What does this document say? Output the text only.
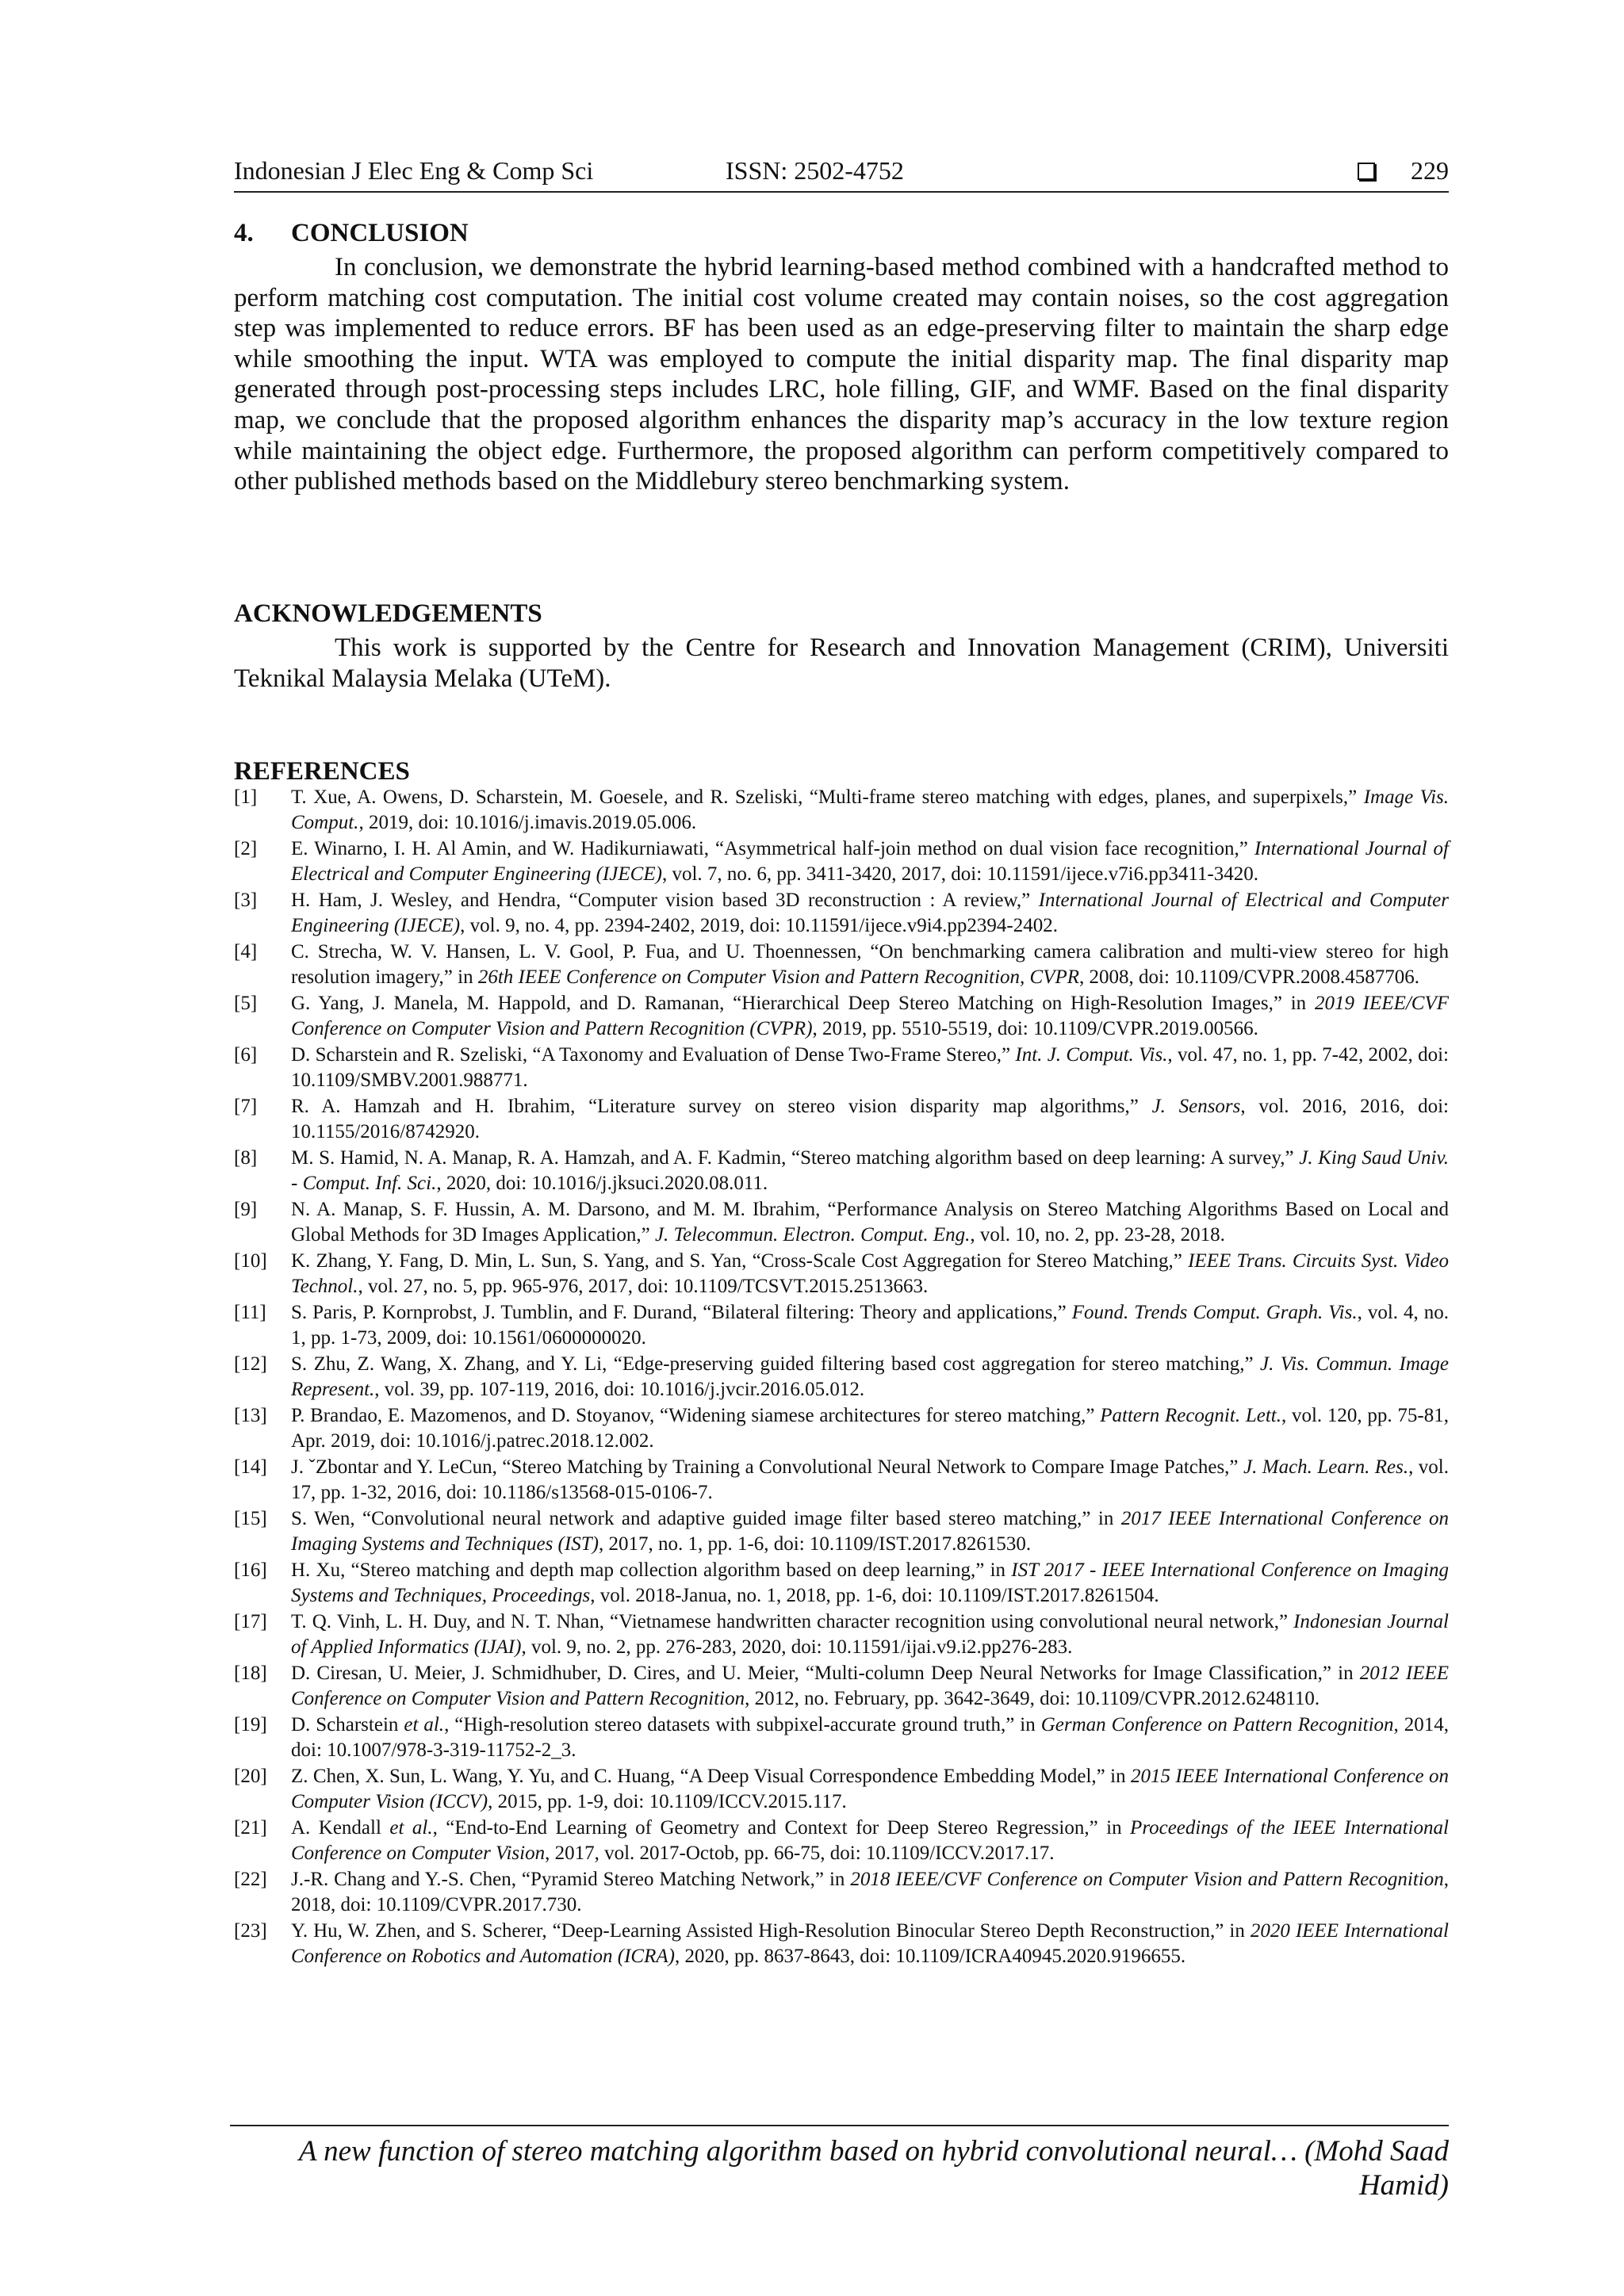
Indonesian J Elec Eng & Comp Sci	ISSN: 2502-4752	229
4. CONCLUSION
In conclusion, we demonstrate the hybrid learning-based method combined with a handcrafted method to perform matching cost computation. The initial cost volume created may contain noises, so the cost aggregation step was implemented to reduce errors. BF has been used as an edge-preserving filter to maintain the sharp edge while smoothing the input. WTA was employed to compute the initial disparity map. The final disparity map generated through post-processing steps includes LRC, hole filling, GIF, and WMF. Based on the final disparity map, we conclude that the proposed algorithm enhances the disparity map’s accuracy in the low texture region while maintaining the object edge. Furthermore, the proposed algorithm can perform competitively compared to other published methods based on the Middlebury stereo benchmarking system.
ACKNOWLEDGEMENTS
This work is supported by the Centre for Research and Innovation Management (CRIM), Universiti Teknikal Malaysia Melaka (UTeM).
REFERENCES
[1] T. Xue, A. Owens, D. Scharstein, M. Goesele, and R. Szeliski, “Multi-frame stereo matching with edges, planes, and superpixels,” Image Vis. Comput., 2019, doi: 10.1016/j.imavis.2019.05.006.
[2] E. Winarno, I. H. Al Amin, and W. Hadikurniawati, “Asymmetrical half-join method on dual vision face recognition,” International Journal of Electrical and Computer Engineering (IJECE), vol. 7, no. 6, pp. 3411-3420, 2017, doi: 10.11591/ijece.v7i6.pp3411-3420.
[3] H. Ham, J. Wesley, and Hendra, “Computer vision based 3D reconstruction : A review,” International Journal of Electrical and Computer Engineering (IJECE), vol. 9, no. 4, pp. 2394-2402, 2019, doi: 10.11591/ijece.v9i4.pp2394-2402.
[4] C. Strecha, W. V. Hansen, L. V. Gool, P. Fua, and U. Thoennessen, “On benchmarking camera calibration and multi-view stereo for high resolution imagery,” in 26th IEEE Conference on Computer Vision and Pattern Recognition, CVPR, 2008, doi: 10.1109/CVPR.2008.4587706.
[5] G. Yang, J. Manela, M. Happold, and D. Ramanan, “Hierarchical Deep Stereo Matching on High-Resolution Images,” in 2019 IEEE/CVF Conference on Computer Vision and Pattern Recognition (CVPR), 2019, pp. 5510-5519, doi: 10.1109/CVPR.2019.00566.
[6] D. Scharstein and R. Szeliski, “A Taxonomy and Evaluation of Dense Two-Frame Stereo,” Int. J. Comput. Vis., vol. 47, no. 1, pp. 7-42, 2002, doi: 10.1109/SMBV.2001.988771.
[7] R. A. Hamzah and H. Ibrahim, “Literature survey on stereo vision disparity map algorithms,” J. Sensors, vol. 2016, 2016, doi: 10.1155/2016/8742920.
[8] M. S. Hamid, N. A. Manap, R. A. Hamzah, and A. F. Kadmin, “Stereo matching algorithm based on deep learning: A survey,” J. King Saud Univ. - Comput. Inf. Sci., 2020, doi: 10.1016/j.jksuci.2020.08.011.
[9] N. A. Manap, S. F. Hussin, A. M. Darsono, and M. M. Ibrahim, “Performance Analysis on Stereo Matching Algorithms Based on Local and Global Methods for 3D Images Application,” J. Telecommun. Electron. Comput. Eng., vol. 10, no. 2, pp. 23-28, 2018.
[10] K. Zhang, Y. Fang, D. Min, L. Sun, S. Yang, and S. Yan, “Cross-Scale Cost Aggregation for Stereo Matching,” IEEE Trans. Circuits Syst. Video Technol., vol. 27, no. 5, pp. 965-976, 2017, doi: 10.1109/TCSVT.2015.2513663.
[11] S. Paris, P. Kornprobst, J. Tumblin, and F. Durand, “Bilateral filtering: Theory and applications,” Found. Trends Comput. Graph. Vis., vol. 4, no. 1, pp. 1-73, 2009, doi: 10.1561/0600000020.
[12] S. Zhu, Z. Wang, X. Zhang, and Y. Li, “Edge-preserving guided filtering based cost aggregation for stereo matching,” J. Vis. Commun. Image Represent., vol. 39, pp. 107-119, 2016, doi: 10.1016/j.jvcir.2016.05.012.
[13] P. Brandao, E. Mazomenos, and D. Stoyanov, “Widening siamese architectures for stereo matching,” Pattern Recognit. Lett., vol. 120, pp. 75-81, Apr. 2019, doi: 10.1016/j.patrec.2018.12.002.
[14] J. ˇZbontar and Y. LeCun, “Stereo Matching by Training a Convolutional Neural Network to Compare Image Patches,” J. Mach. Learn. Res., vol. 17, pp. 1-32, 2016, doi: 10.1186/s13568-015-0106-7.
[15] S. Wen, “Convolutional neural network and adaptive guided image filter based stereo matching,” in 2017 IEEE International Conference on Imaging Systems and Techniques (IST), 2017, no. 1, pp. 1-6, doi: 10.1109/IST.2017.8261530.
[16] H. Xu, “Stereo matching and depth map collection algorithm based on deep learning,” in IST 2017 - IEEE International Conference on Imaging Systems and Techniques, Proceedings, vol. 2018-Janua, no. 1, 2018, pp. 1-6, doi: 10.1109/IST.2017.8261504.
[17] T. Q. Vinh, L. H. Duy, and N. T. Nhan, “Vietnamese handwritten character recognition using convolutional neural network,” Indonesian Journal of Applied Informatics (IJAI), vol. 9, no. 2, pp. 276-283, 2020, doi: 10.11591/ijai.v9.i2.pp276-283.
[18] D. Ciresan, U. Meier, J. Schmidhuber, D. Cires, and U. Meier, “Multi-column Deep Neural Networks for Image Classification,” in 2012 IEEE Conference on Computer Vision and Pattern Recognition, 2012, no. February, pp. 3642-3649, doi: 10.1109/CVPR.2012.6248110.
[19] D. Scharstein et al., “High-resolution stereo datasets with subpixel-accurate ground truth,” in German Conference on Pattern Recognition, 2014, doi: 10.1007/978-3-319-11752-2_3.
[20] Z. Chen, X. Sun, L. Wang, Y. Yu, and C. Huang, “A Deep Visual Correspondence Embedding Model,” in 2015 IEEE International Conference on Computer Vision (ICCV), 2015, pp. 1-9, doi: 10.1109/ICCV.2015.117.
[21] A. Kendall et al., “End-to-End Learning of Geometry and Context for Deep Stereo Regression,” in Proceedings of the IEEE International Conference on Computer Vision, 2017, vol. 2017-Octob, pp. 66-75, doi: 10.1109/ICCV.2017.17.
[22] J.-R. Chang and Y.-S. Chen, “Pyramid Stereo Matching Network,” in 2018 IEEE/CVF Conference on Computer Vision and Pattern Recognition, 2018, doi: 10.1109/CVPR.2017.730.
[23] Y. Hu, W. Zhen, and S. Scherer, “Deep-Learning Assisted High-Resolution Binocular Stereo Depth Reconstruction,” in 2020 IEEE International Conference on Robotics and Automation (ICRA), 2020, pp. 8637-8643, doi: 10.1109/ICRA40945.2020.9196655.
A new function of stereo matching algorithm based on hybrid convolutional neural… (Mohd Saad Hamid)
